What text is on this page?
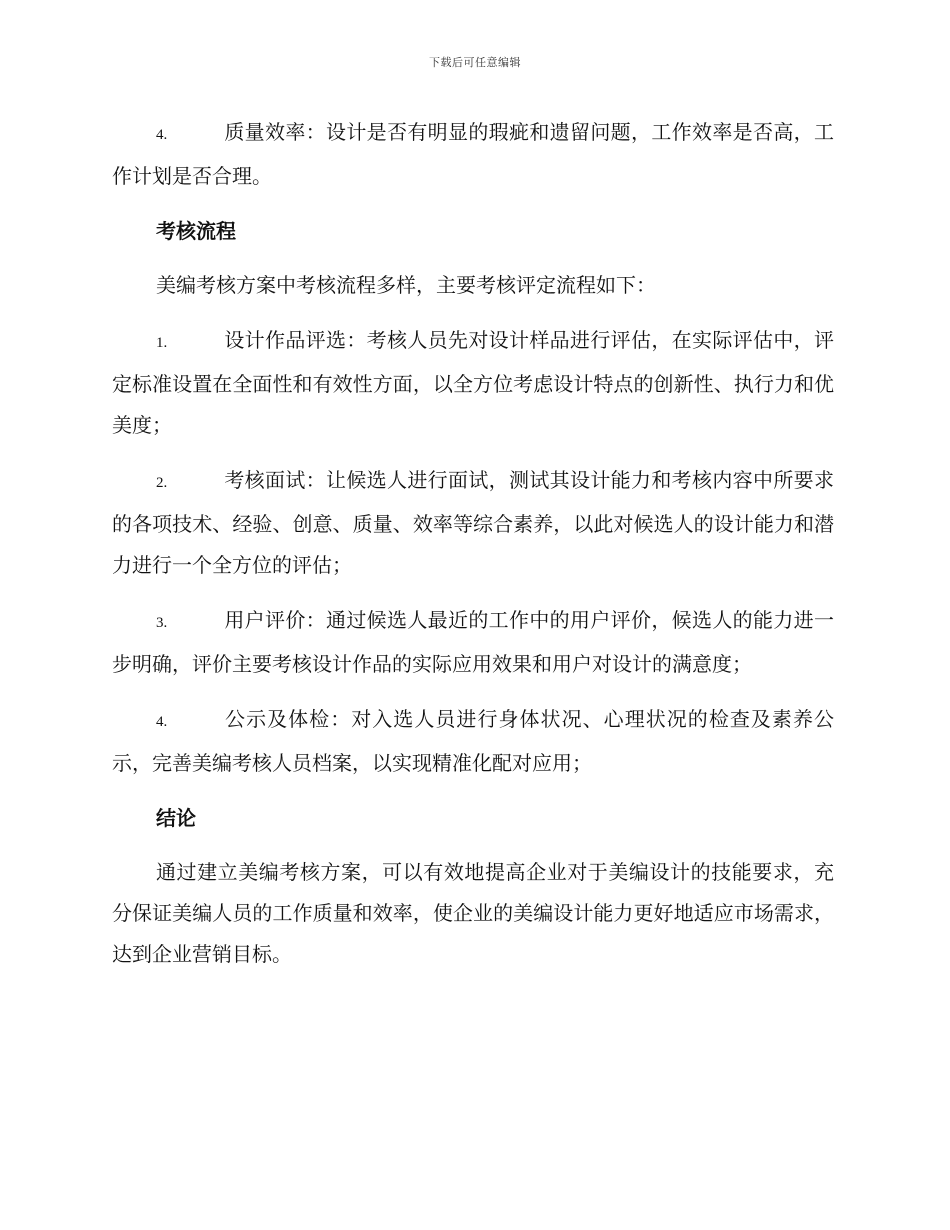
下载后可任意编辑

4.	质量效率：设计是否有明显的瑕疵和遗留问题，工作效率是否高，工作计划是否合理。

考核流程

美编考核方案中考核流程多样，主要考核评定流程如下：

1.	设计作品评选：考核人员先对设计样品进行评估，在实际评估中，评定标准设置在全面性和有效性方面，以全方位考虑设计特点的创新性、执行力和优美度；

2.	考核面试：让候选人进行面试，测试其设计能力和考核内容中所要求的各项技术、经验、创意、质量、效率等综合素养，以此对候选人的设计能力和潜力进行一个全方位的评估；

3.	用户评价：通过候选人最近的工作中的用户评价，候选人的能力进一步明确，评价主要考核设计作品的实际应用效果和用户对设计的满意度；

4.	公示及体检：对入选人员进行身体状况、心理状况的检查及素养公示，完善美编考核人员档案，以实现精准化配对应用；

结论

通过建立美编考核方案，可以有效地提高企业对于美编设计的技能要求，充分保证美编人员的工作质量和效率，使企业的美编设计能力更好地适应市场需求，达到企业营销目标。
